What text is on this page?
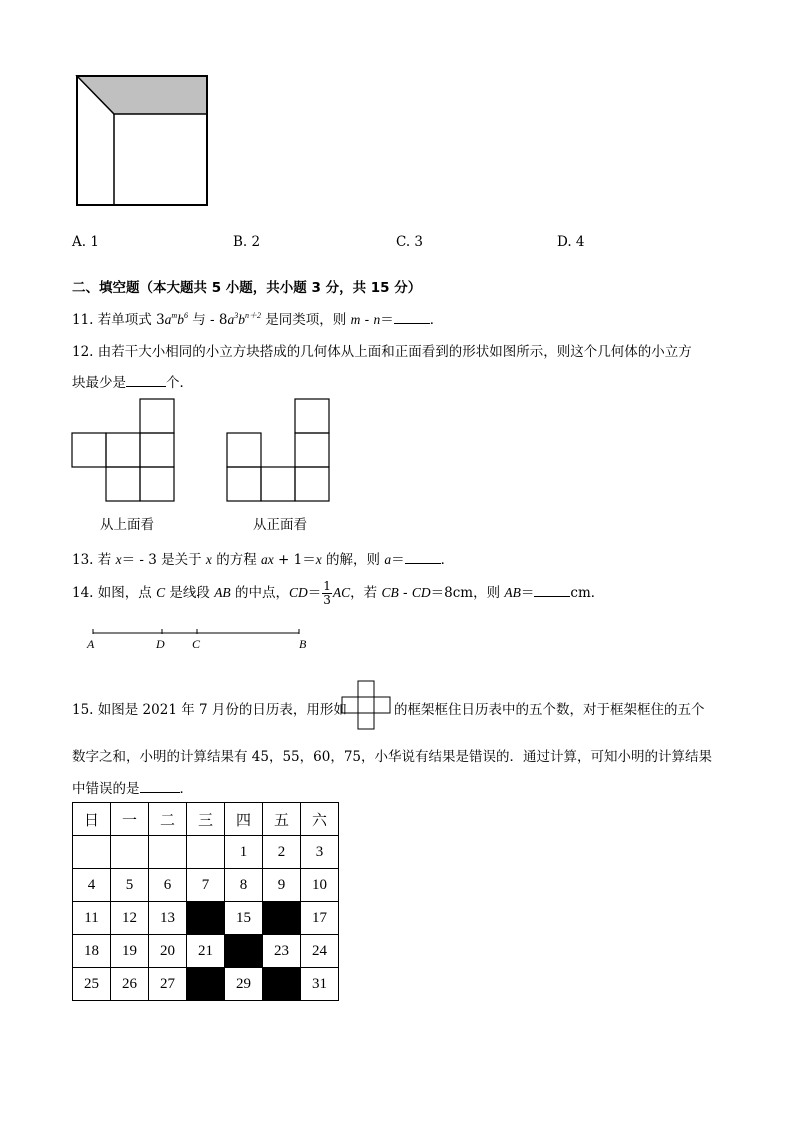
A. 1	B. 2	C. 3	D. 4
二、填空题（本大题共 5 小题，共小题 3 分，共 15 分）
11. 若单项式 $3a^mb^6$ 与 - $8a^3b^{n+2}$ 是同类项，则 m - n＝	．
12. 由若干大小相同的小立方块搭成的几何体从上面和正面看到的形状如图所示，则这个几何体的小立方
块最少是	个．
从上面看	从正面看
13. 若 x＝ - 3 是关于 x 的方程 ax + 1＝x 的解，则 a＝	．
14. 如图，点 C 是线段 AB 的中点，$CD= \frac{1}{3}$ AC，若 CB - CD＝8cm，则 AB＝	cm．
A	D C	B
15. 如图是 2021 年 7 月份的日历表，用形如	的框架框住日历表中的五个数，对于框架框住的五个
数字之和，小明的计算结果有 45，55，60，75，小华说有结果是错误的．通过计算，可知小明的计算结果
中错误的是	．
日	一	二	三	四	五	六
				1	2	3
4	5	6	7	8	9	10
11	12	13		15		17
18	19	20	21		23	24
25	26	27		29		31
